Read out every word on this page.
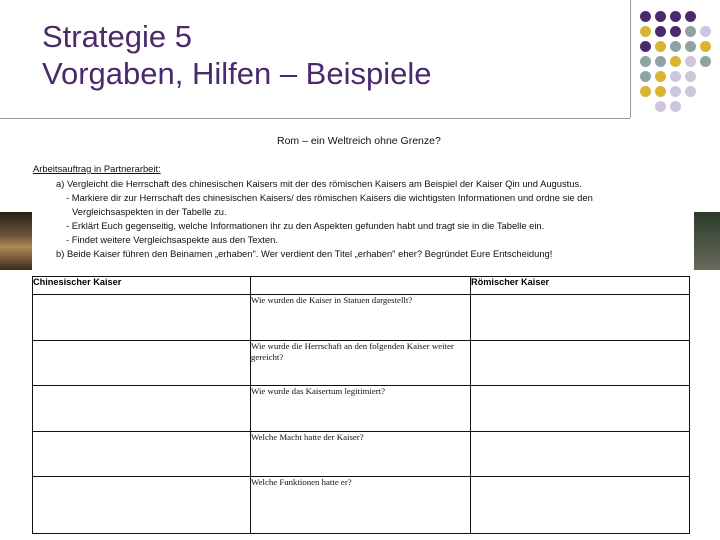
Strategie 5
Vorgaben, Hilfen – Beispiele
Rom – ein Weltreich ohne Grenze?
Arbeitsauftrag in Partnerarbeit:
a) Vergleicht die Herrschaft des chinesischen Kaisers mit der des römischen Kaisers am Beispiel der Kaiser Qin und Augustus.
- Markiere dir zur Herrschaft des chinesischen Kaisers/ des römischen Kaisers die wichtigsten Informationen und ordne sie den
Vergleichsaspekten in der Tabelle zu.
- Erklärt Euch gegenseitig, welche Informationen ihr zu den Aspekten gefunden habt und tragt sie in die Tabelle ein.
- Findet weitere Vergleichsaspekte aus den Texten.
b) Beide Kaiser führen den Beinamen „erhaben". Wer verdient den Titel „erhaben" eher? Begründet Eure Entscheidung!
Chinesischer Kaiser		Römischer Kaiser
	Wie wurden die Kaiser in Statuen dargestellt?	
	Wie wurde die Herrschaft an den folgenden Kaiser weiter gereicht?	
	Wie wurde das Kaisertum legitimiert?	
	Welche Macht hatte der Kaiser?	
	Welche Funktionen hatte er?	
